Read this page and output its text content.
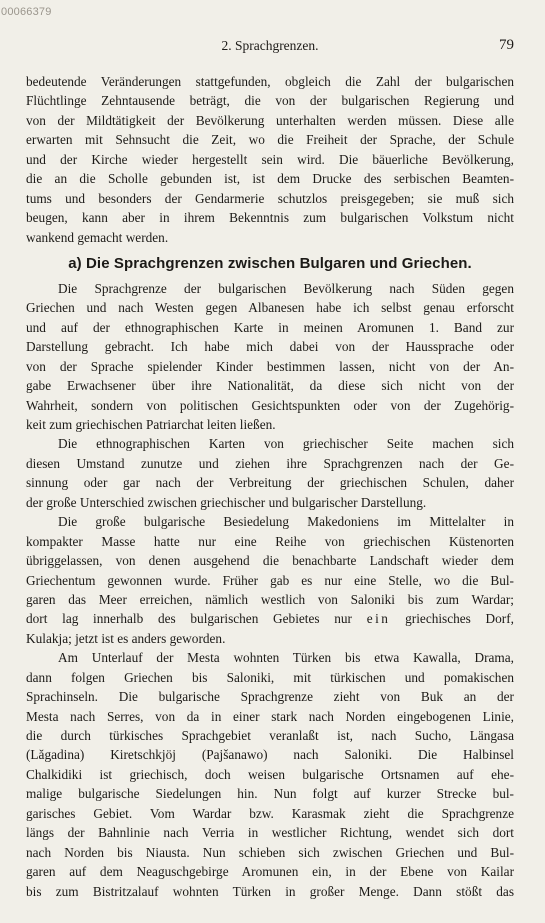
00066379
2. Sprachgrenzen.	79
bedeutende Veränderungen stattgefunden, obgleich die Zahl der bulgarischen
Flüchtlinge Zehntausende beträgt, die von der bulgarischen Regierung und
von der Mildtätigkeit der Bevölkerung unterhalten werden müssen. Diese alle
erwarten mit Sehnsucht die Zeit, wo die Freiheit der Sprache, der Schule
und der Kirche wieder hergestellt sein wird. Die bäuerliche Bevölkerung,
die an die Scholle gebunden ist, ist dem Drucke des serbischen Beamten-
tums und besonders der Gendarmerie schutzlos preisgegeben; sie muß sich
beugen, kann aber in ihrem Bekenntnis zum bulgarischen Volkstum nicht
wankend gemacht werden.
a) Die Sprachgrenzen zwischen Bulgaren und Griechen.
Die Sprachgrenze der bulgarischen Bevölkerung nach Süden gegen
Griechen und nach Westen gegen Albanesen habe ich selbst genau erforscht
und auf der ethnographischen Karte in meinen Aromunen 1. Band zur
Darstellung gebracht. Ich habe mich dabei von der Haussprache oder
von der Sprache spielender Kinder bestimmen lassen, nicht von der An-
gabe Erwachsener über ihre Nationalität, da diese sich nicht von der
Wahrheit, sondern von politischen Gesichtspunkten oder von der Zugehörig-
keit zum griechischen Patriarchat leiten ließen.
Die ethnographischen Karten von griechischer Seite machen sich
diesen Umstand zunutze und ziehen ihre Sprachgrenzen nach der Ge-
sinnung oder gar nach der Verbreitung der griechischen Schulen, daher
der große Unterschied zwischen griechischer und bulgarischer Darstellung.
Die große bulgarische Besiedelung Makedoniens im Mittelalter in
kompakter Masse hatte nur eine Reihe von griechischen Küstenorten
übriggelassen, von denen ausgehend die benachbarte Landschaft wieder dem
Griechentum gewonnen wurde. Früher gab es nur eine Stelle, wo die Bul-
garen das Meer erreichen, nämlich westlich von Saloniki bis zum Wardar;
dort lag innerhalb des bulgarischen Gebietes nur ein griechisches Dorf,
Kulakja; jetzt ist es anders geworden.
Am Unterlauf der Mesta wohnten Türken bis etwa Kawalla, Drama,
dann folgen Griechen bis Saloniki, mit türkischen und pomakischen
Sprachinseln. Die bulgarische Sprachgrenze zieht von Buk an der
Mesta nach Serres, von da in einer stark nach Norden eingebogenen Linie,
die durch türkisches Sprachgebiet veranlaßt ist, nach Sucho, Längasa
(Lăgadina) Kiretschkjöj (Pajšanawo) nach Saloniki. Die Halbinsel
Chalkidiki ist griechisch, doch weisen bulgarische Ortsnamen auf ehe-
malige bulgarische Siedelungen hin. Nun folgt auf kurzer Strecke bul-
garisches Gebiet. Vom Wardar bzw. Karasmak zieht die Sprachgrenze
längs der Bahnlinie nach Verria in westlicher Richtung, wendet sich dort
nach Norden bis Niausta. Nun schieben sich zwischen Griechen und Bul-
garen auf dem Neaguschgebirge Aromunen ein, in der Ebene von Kailar
bis zum Bistritzalauf wohnten Türken in großer Menge. Dann stößt das
